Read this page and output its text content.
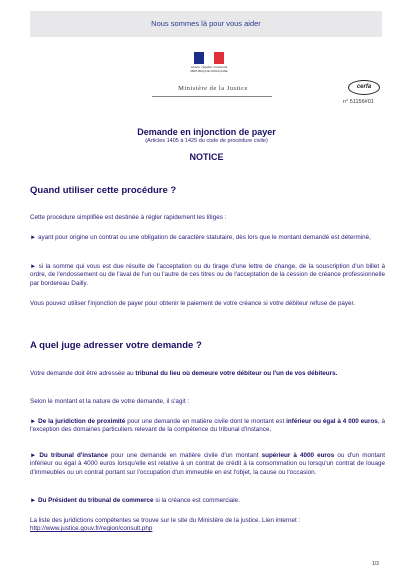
Nous sommes là pour vous aider
Liberté • Égalité • Fraternité
RÉPUBLIQUE FRANÇAISE
Ministère de la Justice	cerfa
n° 51156#01
Demande en injonction de payer
(Articles 1405 à 1425 du code de procédure civile)
NOTICE
Quand utiliser cette procédure ?

Cette procédure simplifiée est destinée à régler rapidement les litiges :

► ayant pour origine un contrat ou une obligation de caractère statutaire, dès lors que le montant demandé est déterminé,

► si la somme qui vous est due résulte de l'acceptation ou du tirage d'une lettre de change, de la souscription d'un billet à ordre, de l'endossement ou de l'aval de l'un ou l'autre de ces titres ou de l'acceptation de la cession de créance professionnelle par bordereau Dailly.

Vous pouvez utiliser l'injonction de payer pour obtenir le paiement de votre créance si votre débiteur refuse de payer.

A quel juge adresser votre demande ?

Votre demande doit être adressée au tribunal du lieu où demeure votre débiteur ou l'un de vos débiteurs.

Selon le montant et la nature de votre demande, il s'agit :

► De la juridiction de proximité pour une demande en matière civile dont le montant est inférieur ou égal à 4 000 euros, à l'exception des domaines particuliers relevant de la compétence du tribunal d'instance,

► Du tribunal d'instance pour une demande en matière civile d'un montant supérieur à 4000 euros ou d'un montant inférieur ou égal à 4000 euros lorsqu'elle est relative à un contrat de crédit à la consommation ou lorsqu'un contrat de louage d'immeubles ou un contrat portant sur l'occupation d'un immeuble en est l'objet, la cause ou l'occasion.

► Du Président du tribunal de commerce si la créance est commerciale.

La liste des juridictions compétentes se trouve sur le site du Ministère de la justice. Lien internet :
http://www.justice.gouv.fr/region/consult.php

1/3
